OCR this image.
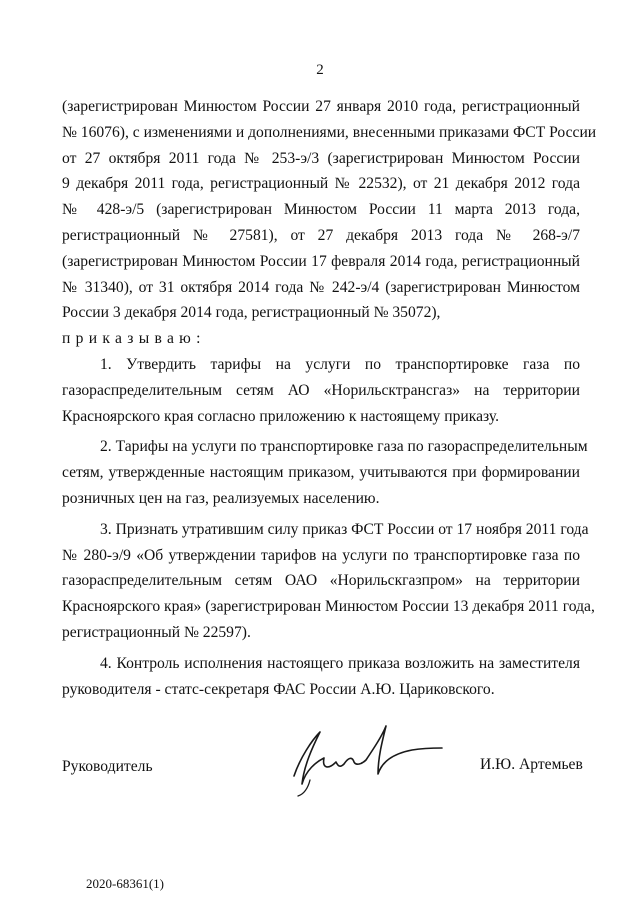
2
(зарегистрирован Минюстом России 27 января 2010 года, регистрационный
№ 16076), с изменениями и дополнениями, внесенными приказами ФСТ России
от 27 октября 2011 года № 253-э/3 (зарегистрирован Минюстом России
9 декабря 2011 года, регистрационный № 22532), от 21 декабря 2012 года
№ 428-э/5 (зарегистрирован Минюстом России 11 марта 2013 года,
регистрационный № 27581), от 27 декабря 2013 года № 268-э/7
(зарегистрирован Минюстом России 17 февраля 2014 года, регистрационный
№ 31340), от 31 октября 2014 года № 242-э/4 (зарегистрирован Минюстом
России 3 декабря 2014 года, регистрационный № 35072),
приказываю:
1. Утвердить тарифы на услуги по транспортировке газа по
газораспределительным сетям АО «Норильсктрансгаз» на территории
Красноярского края согласно приложению к настоящему приказу.
2. Тарифы на услуги по транспортировке газа по газораспределительным
сетям, утвержденные настоящим приказом, учитываются при формировании
розничных цен на газ, реализуемых населению.
3. Признать утратившим силу приказ ФСТ России от 17 ноября 2011 года
№ 280-э/9 «Об утверждении тарифов на услуги по транспортировке газа по
газораспределительным сетям ОАО «Норильскгазпром» на территории
Красноярского края» (зарегистрирован Минюстом России 13 декабря 2011 года,
регистрационный № 22597).
4. Контроль исполнения настоящего приказа возложить на заместителя
руководителя - статс-секретаря ФАС России А.Ю. Цариковского.
Руководитель	И.Ю. Артемьев
2020-68361(1)
